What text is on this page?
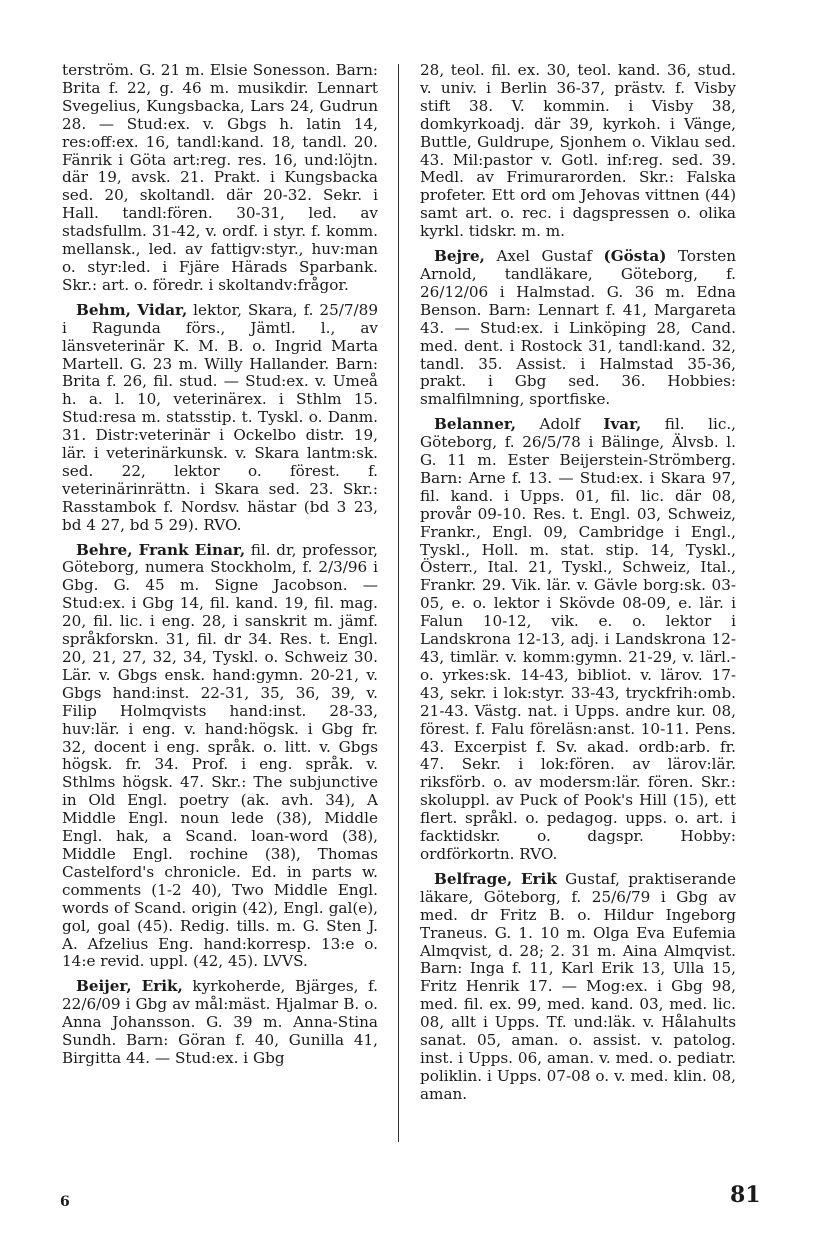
terström. G. 21 m. Elsie Sonesson. Barn: Brita f. 22, g. 46 m. musikdir. Lennart Svegelius, Kungsbacka, Lars 24, Gudrun 28. — Stud:ex. v. Gbgs h. latin 14, res:off:ex. 16, tandl:kand. 18, tandl. 20. Fänrik i Göta art:reg. res. 16, und:löjtn. där 19, avsk. 21. Prakt. i Kungsbacka sed. 20, skoltandl. där 20-32. Sekr. i Hall. tandl:fören. 30-31, led. av stadsfullm. 31-42, v. ordf. i styr. f. komm. mellansk., led. av fattigv:styr., huv:man o. styr:led. i Fjäre Härads Sparbank. Skr.: art. o. föredr. i skoltandv:frågor.

Behm, Vidar, lektor, Skara, f. 25/7/89 i Ragunda förs., Jämtl. l., av länsveterinär K. M. B. o. Ingrid Marta Martell. G. 23 m. Willy Hallander. Barn: Brita f. 26, fil. stud. — Stud:ex. v. Umeå h. a. l. 10, veterinärex. i Sthlm 15. Stud:resa m. statsstip. t. Tyskl. o. Danm. 31. Distr:veterinär i Ockelbo distr. 19, lär. i veterinärkunsk. v. Skara lantm:sk. sed. 22, lektor o. förest. f. veterinärinrättn. i Skara sed. 23. Skr.: Rasstambok f. Nordsv. hästar (bd 3 23, bd 4 27, bd 5 29). RVO.

Behre, Frank Einar, fil. dr, professor, Göteborg, numera Stockholm, f. 2/3/96 i Gbg. G. 45 m. Signe Jacobson. — Stud:ex. i Gbg 14, fil. kand. 19, fil. mag. 20, fil. lic. i eng. 28, i sanskrit m. jämf. språkforskn. 31, fil. dr 34. Res. t. Engl. 20, 21, 27, 32, 34, Tyskl. o. Schweiz 30. Lär. v. Gbgs ensk. hand:gymn. 20-21, v. Gbgs hand:inst. 22-31, 35, 36, 39, v. Filip Holmqvists hand:inst. 28-33, huv:lär. i eng. v. hand:högsk. i Gbg fr. 32, docent i eng. språk. o. litt. v. Gbgs högsk. fr. 34. Prof. i eng. språk. v. Sthlms högsk. 47. Skr.: The subjunctive in Old Engl. poetry (ak. avh. 34), A Middle Engl. noun lede (38), Middle Engl. hak, a Scand. loan-word (38), Middle Engl. rochine (38), Thomas Castelford's chronicle. Ed. in parts w. comments (1-2 40), Two Middle Engl. words of Scand. origin (42), Engl. gal(e), gol, goal (45). Redig. tills. m. G. Sten J. A. Afzelius Eng. hand:korresp. 13:e o. 14:e revid. uppl. (42, 45). LVVS.

Beijer, Erik, kyrkoherde, Bjärges, f. 22/6/09 i Gbg av mål:mäst. Hjalmar B. o. Anna Johansson. G. 39 m. Anna-Stina Sundh. Barn: Göran f. 40, Gunilla 41, Birgitta 44. — Stud:ex. i Gbg

28, teol. fil. ex. 30, teol. kand. 36, stud. v. univ. i Berlin 36-37, prästv. f. Visby stift 38. V. kommin. i Visby 38, domkyrkoadj. där 39, kyrkoh. i Vänge, Buttle, Guldrupe, Sjonhem o. Viklau sed. 43. Mil:pastor v. Gotl. inf:reg. sed. 39. Medl. av Frimurarorden. Skr.: Falska profeter. Ett ord om Jehovas vittnen (44) samt art. o. rec. i dagspressen o. olika kyrkl. tidskr. m. m.

Bejre, Axel Gustaf (Gösta) Torsten Arnold, tandläkare, Göteborg, f. 26/12/06 i Halmstad. G. 36 m. Edna Benson. Barn: Lennart f. 41, Margareta 43. — Stud:ex. i Linköping 28, Cand. med. dent. i Rostock 31, tandl:kand. 32, tandl. 35. Assist. i Halmstad 35-36, prakt. i Gbg sed. 36. Hobbies: smalfilmning, sportfiske.

Belanner, Adolf Ivar, fil. lic., Göteborg, f. 26/5/78 i Bälinge, Älvsb. l. G. 11 m. Ester Beijerstein-Strömberg. Barn: Arne f. 13. — Stud:ex. i Skara 97, fil. kand. i Upps. 01, fil. lic. där 08, provår 09-10. Res. t. Engl. 03, Schweiz, Frankr., Engl. 09, Cambridge i Engl., Tyskl., Holl. m. stat. stip. 14, Tyskl., Österr., Ital. 21, Tyskl., Schweiz, Ital., Frankr. 29. Vik. lär. v. Gävle borg:sk. 03-05, e. o. lektor i Skövde 08-09, e. lär. i Falun 10-12, vik. e. o. lektor i Landskrona 12-13, adj. i Landskrona 12-43, timlär. v. komm:gymn. 21-29, v. lärl.- o. yrkes:sk. 14-43, bibliot. v. lärov. 17-43, sekr. i lok:styr. 33-43, tryckfrih:omb. 21-43. Västg. nat. i Upps. andre kur. 08, förest. f. Falu föreläsn:anst. 10-11. Pens. 43. Excerpist f. Sv. akad. ordb:arb. fr. 47. Sekr. i lok:fören. av lärov:lär. riksförb. o. av modersm:lär. fören. Skr.: skoluppl. av Puck of Pook's Hill (15), ett flert. språkl. o. pedagog. upps. o. art. i facktidskr. o. dagspr. Hobby: ordförkortn. RVO.

Belfrage, Erik Gustaf, praktiserande läkare, Göteborg, f. 25/6/79 i Gbg av med. dr Fritz B. o. Hildur Ingeborg Traneus. G. 1. 10 m. Olga Eva Eufemia Almqvist, d. 28; 2. 31 m. Aina Almqvist. Barn: Inga f. 11, Karl Erik 13, Ulla 15, Fritz Henrik 17. — Mog:ex. i Gbg 98, med. fil. ex. 99, med. kand. 03, med. lic. 08, allt i Upps. Tf. und:läk. v. Hålahults sanat. 05, aman. o. assist. v. patolog. inst. i Upps. 06, aman. v. med. o. pediatr. poliklin. i Upps. 07-08 o. v. med. klin. 08, aman.

6	81
